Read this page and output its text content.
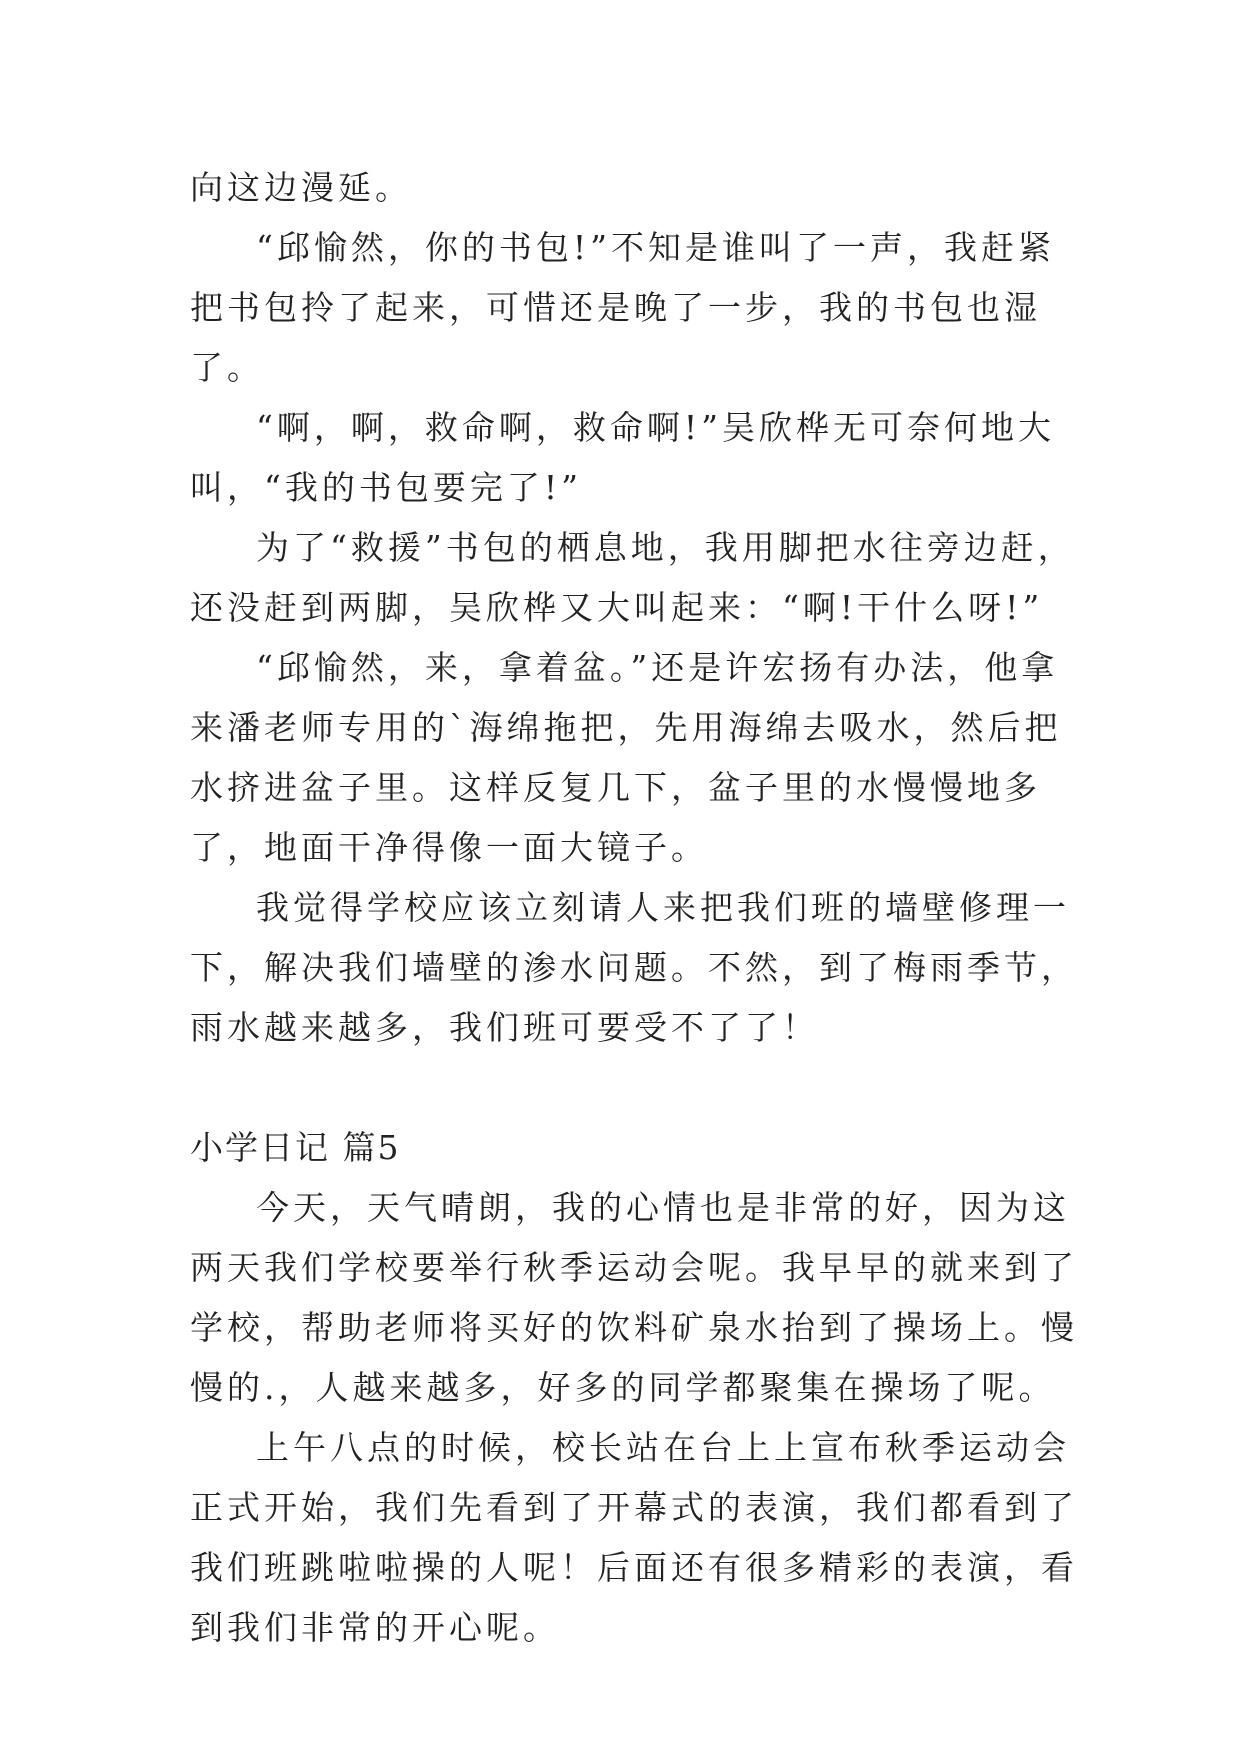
向这边漫延。

“邱愉然，你的书包!”不知是谁叫了一声，我赶紧把书包拎了起来，可惜还是晚了一步，我的书包也湿了。

“啊，啊，救命啊，救命啊!”吴欣桦无可奈何地大叫，“我的书包要完了!”

为了“救援”书包的栖息地，我用脚把水往旁边赶，还没赶到两脚，吴欣桦又大叫起来：“啊!干什么呀!”

“邱愉然，来，拿着盆。”还是许宏扬有办法，他拿来潘老师专用的`海绵拖把，先用海绵去吸水，然后把水挤进盆子里。这样反复几下，盆子里的水慢慢地多了，地面干净得像一面大镜子。

我觉得学校应该立刻请人来把我们班的墙壁修理一下，解决我们墙壁的渗水问题。不然，到了梅雨季节，雨水越来越多，我们班可要受不了了！

小学日记 篇5

今天，天气晴朗，我的心情也是非常的好，因为这两天我们学校要举行秋季运动会呢。我早早的就来到了学校，帮助老师将买好的饮料矿泉水抬到了操场上。慢慢的.，人越来越多，好多的同学都聚集在操场了呢。

上午八点的时候，校长站在台上上宣布秋季运动会正式开始，我们先看到了开幕式的表演，我们都看到了我们班跳啦啦操的人呢！后面还有很多精彩的表演，看到我们非常的开心呢。
